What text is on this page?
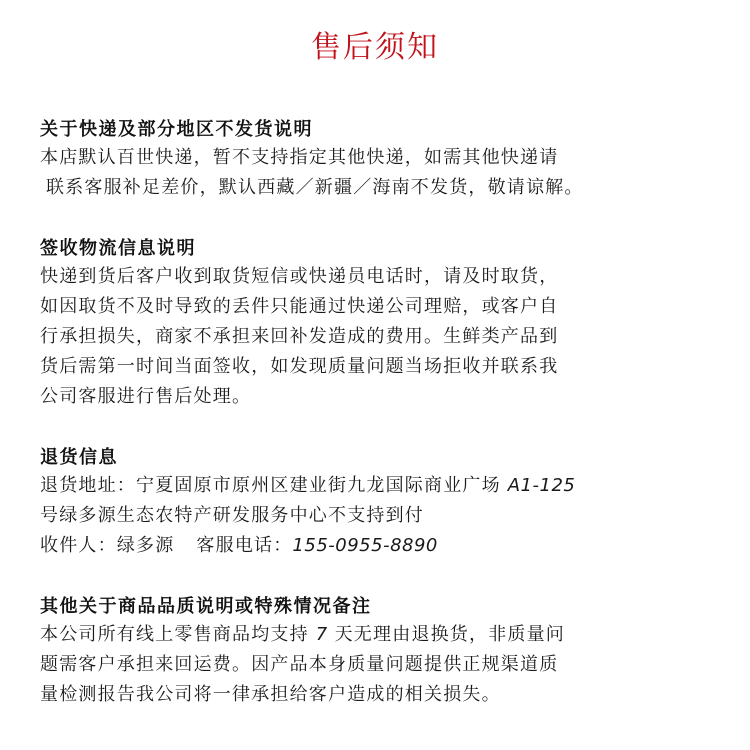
售后须知
关于快递及部分地区不发货说明
本店默认百世快递，暂不支持指定其他快递，如需其他快递请
联系客服补足差价，默认西藏／新疆／海南不发货，敬请谅解。
签收物流信息说明
快递到货后客户收到取货短信或快递员电话时，请及时取货，
如因取货不及时导致的丢件只能通过快递公司理赔，或客户自
行承担损失，商家不承担来回补发造成的费用。生鲜类产品到
货后需第一时间当面签收，如发现质量问题当场拒收并联系我
公司客服进行售后处理。
退货信息
退货地址：宁夏固原市原州区建业街九龙国际商业广场 A1-125
号绿多源生态农特产研发服务中心不支持到付
收件人：绿多源 客服电话：155-0955-8890
其他关于商品品质说明或特殊情况备注
本公司所有线上零售商品均支持 7 天无理由退换货，非质量问
题需客户承担来回运费。因产品本身质量问题提供正规渠道质
量检测报告我公司将一律承担给客户造成的相关损失。
